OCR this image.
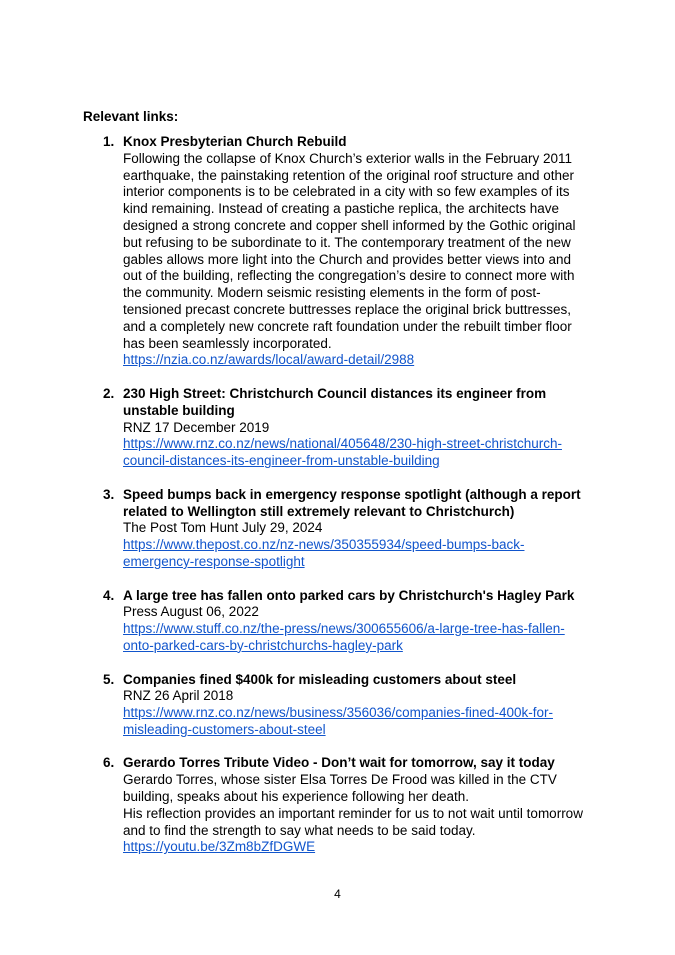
Relevant links:

1. Knox Presbyterian Church Rebuild
Following the collapse of Knox Church’s exterior walls in the February 2011
earthquake, the painstaking retention of the original roof structure and other
interior components is to be celebrated in a city with so few examples of its
kind remaining. Instead of creating a pastiche replica, the architects have
designed a strong concrete and copper shell informed by the Gothic original
but refusing to be subordinate to it. The contemporary treatment of the new
gables allows more light into the Church and provides better views into and
out of the building, reflecting the congregation’s desire to connect more with
the community. Modern seismic resisting elements in the form of post-
tensioned precast concrete buttresses replace the original brick buttresses,
and a completely new concrete raft foundation under the rebuilt timber floor
has been seamlessly incorporated.
https://nzia.co.nz/awards/local/award-detail/2988
2. 230 High Street: Christchurch Council distances its engineer from
unstable building
RNZ 17 December 2019
https://www.rnz.co.nz/news/national/405648/230-high-street-christchurch-
council-distances-its-engineer-from-unstable-building
3. Speed bumps back in emergency response spotlight (although a report
related to Wellington still extremely relevant to Christchurch)
The Post Tom Hunt July 29, 2024
https://www.thepost.co.nz/nz-news/350355934/speed-bumps-back-
emergency-response-spotlight
4. A large tree has fallen onto parked cars by Christchurch's Hagley Park
Press August 06, 2022
https://www.stuff.co.nz/the-press/news/300655606/a-large-tree-has-fallen-
onto-parked-cars-by-christchurchs-hagley-park
5. Companies fined $400k for misleading customers about steel
RNZ 26 April 2018
https://www.rnz.co.nz/news/business/356036/companies-fined-400k-for-
misleading-customers-about-steel
6. Gerardo Torres Tribute Video - Don’t wait for tomorrow, say it today
Gerardo Torres, whose sister Elsa Torres De Frood was killed in the CTV
building, speaks about his experience following her death.
His reflection provides an important reminder for us to not wait until tomorrow
and to find the strength to say what needs to be said today.
https://youtu.be/3Zm8bZfDGWE
4
